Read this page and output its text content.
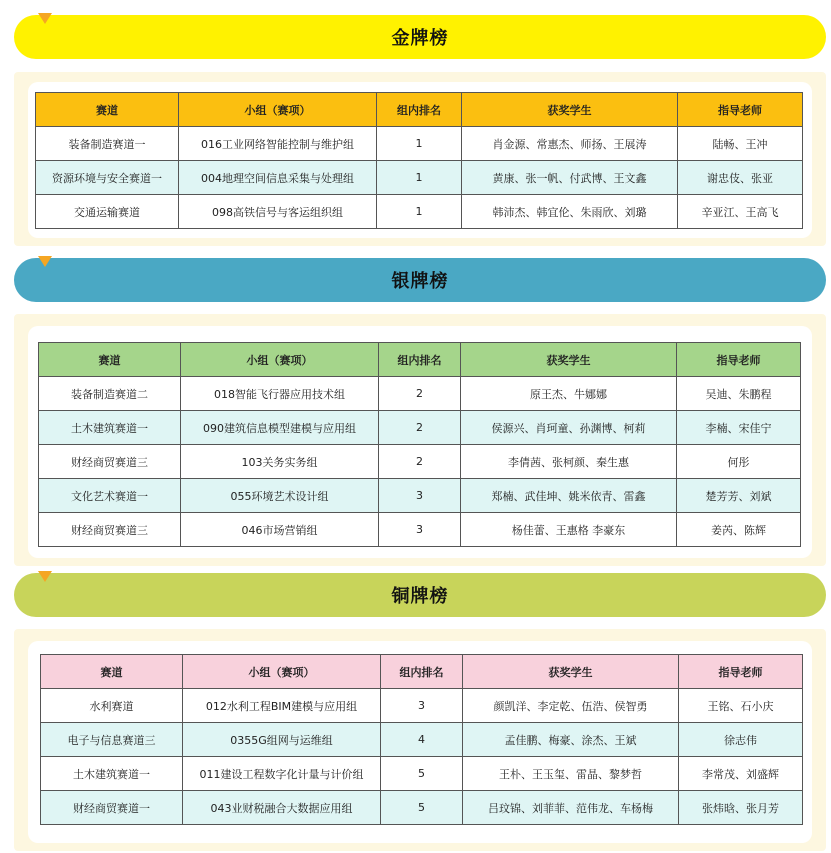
金牌榜
赛道	小组（赛项）	组内排名	获奖学生	指导老师
装备制造赛道一	016工业网络智能控制与维护组	1	肖金源、常惠杰、师扬、王展涛	陆畅、王冲
资源环境与安全赛道一	004地理空间信息采集与处理组	1	黄康、张一帆、付武博、王文鑫	谢忠伎、张亚
交通运输赛道	098高铁信号与客运组织组	1	韩沛杰、韩宜伦、朱雨欣、刘璐	辛亚江、王高飞
银牌榜
赛道	小组（赛项）	组内排名	获奖学生	指导老师
装备制造赛道二	018智能飞行器应用技术组	2	原王杰、牛娜娜	吴迪、朱鹏程
土木建筑赛道一	090建筑信息模型建模与应用组	2	侯源兴、肖珂童、孙渊博、柯莉	李楠、宋佳宁
财经商贸赛道三	103关务实务组	2	李倩茜、张柯颜、秦生惠	何彤
文化艺术赛道一	055环境艺术设计组	3	郑楠、武佳坤、姚米依青、雷鑫	楚芳芳、刘斌
财经商贸赛道三	046市场营销组	3	杨佳蕾、王惠格 李豪东	姜芮、陈辉
铜牌榜
赛道	小组（赛项）	组内排名	获奖学生	指导老师
水利赛道	012水利工程BIM建模与应用组	3	颜凯洋、李定乾、伍浩、侯智勇	王铭、石小庆
电子与信息赛道三	0355G组网与运维组	4	孟佳鹏、梅豪、涂杰、王斌	徐志伟
土木建筑赛道一	011建设工程数字化计量与计价组	5	王朴、王玉玺、雷晶、黎梦哲	李常茂、刘盛辉
财经商贸赛道一	043业财税融合大数据应用组	5	吕玟锦、刘菲菲、范伟龙、车杨梅	张炜晗、张月芳
